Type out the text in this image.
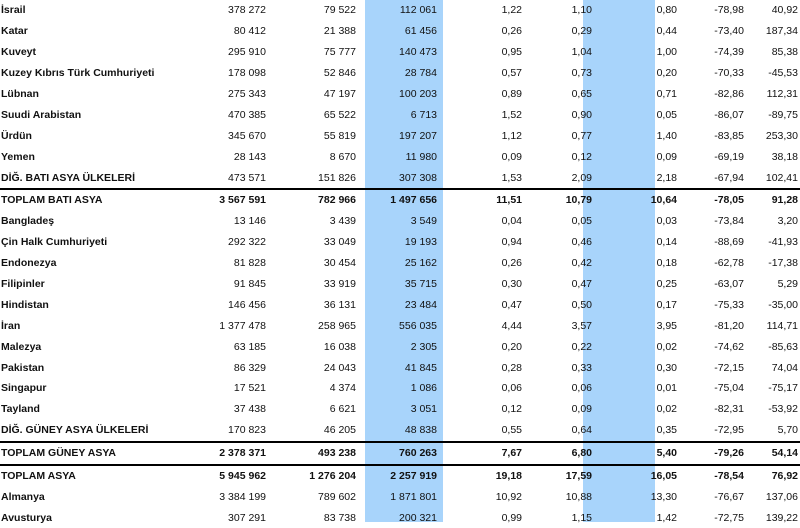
İsrail	378 272	79 522	112 061	1,22	1,10	0,80	-78,98	40,92
Katar	80 412	21 388	61 456	0,26	0,29	0,44	-73,40	187,34
Kuveyt	295 910	75 777	140 473	0,95	1,04	1,00	-74,39	85,38
Kuzey Kıbrıs Türk Cumhuriyeti	178 098	52 846	28 784	0,57	0,73	0,20	-70,33	-45,53
Lübnan	275 343	47 197	100 203	0,89	0,65	0,71	-82,86	112,31
Suudi Arabistan	470 385	65 522	6 713	1,52	0,90	0,05	-86,07	-89,75
Ürdün	345 670	55 819	197 207	1,12	0,77	1,40	-83,85	253,30
Yemen	28 143	8 670	11 980	0,09	0,12	0,09	-69,19	38,18
DİĞ. BATI ASYA ÜLKELERİ	473 571	151 826	307 308	1,53	2,09	2,18	-67,94	102,41
TOPLAM BATI ASYA	3 567 591	782 966	1 497 656	11,51	10,79	10,64	-78,05	91,28
Bangladeş	13 146	3 439	3 549	0,04	0,05	0,03	-73,84	3,20
Çin Halk Cumhuriyeti	292 322	33 049	19 193	0,94	0,46	0,14	-88,69	-41,93
Endonezya	81 828	30 454	25 162	0,26	0,42	0,18	-62,78	-17,38
Filipinler	91 845	33 919	35 715	0,30	0,47	0,25	-63,07	5,29
Hindistan	146 456	36 131	23 484	0,47	0,50	0,17	-75,33	-35,00
İran	1 377 478	258 965	556 035	4,44	3,57	3,95	-81,20	114,71
Malezya	63 185	16 038	2 305	0,20	0,22	0,02	-74,62	-85,63
Pakistan	86 329	24 043	41 845	0,28	0,33	0,30	-72,15	74,04
Singapur	17 521	4 374	1 086	0,06	0,06	0,01	-75,04	-75,17
Tayland	37 438	6 621	3 051	0,12	0,09	0,02	-82,31	-53,92
DİĞ. GÜNEY ASYA ÜLKELERİ	170 823	46 205	48 838	0,55	0,64	0,35	-72,95	5,70
TOPLAM GÜNEY ASYA	2 378 371	493 238	760 263	7,67	6,80	5,40	-79,26	54,14
TOPLAM ASYA	5 945 962	1 276 204	2 257 919	19,18	17,59	16,05	-78,54	76,92
Almanya	3 384 199	789 602	1 871 801	10,92	10,88	13,30	-76,67	137,06
Avusturya	307 291	83 738	200 321	0,99	1,15	1,42	-72,75	139,22
